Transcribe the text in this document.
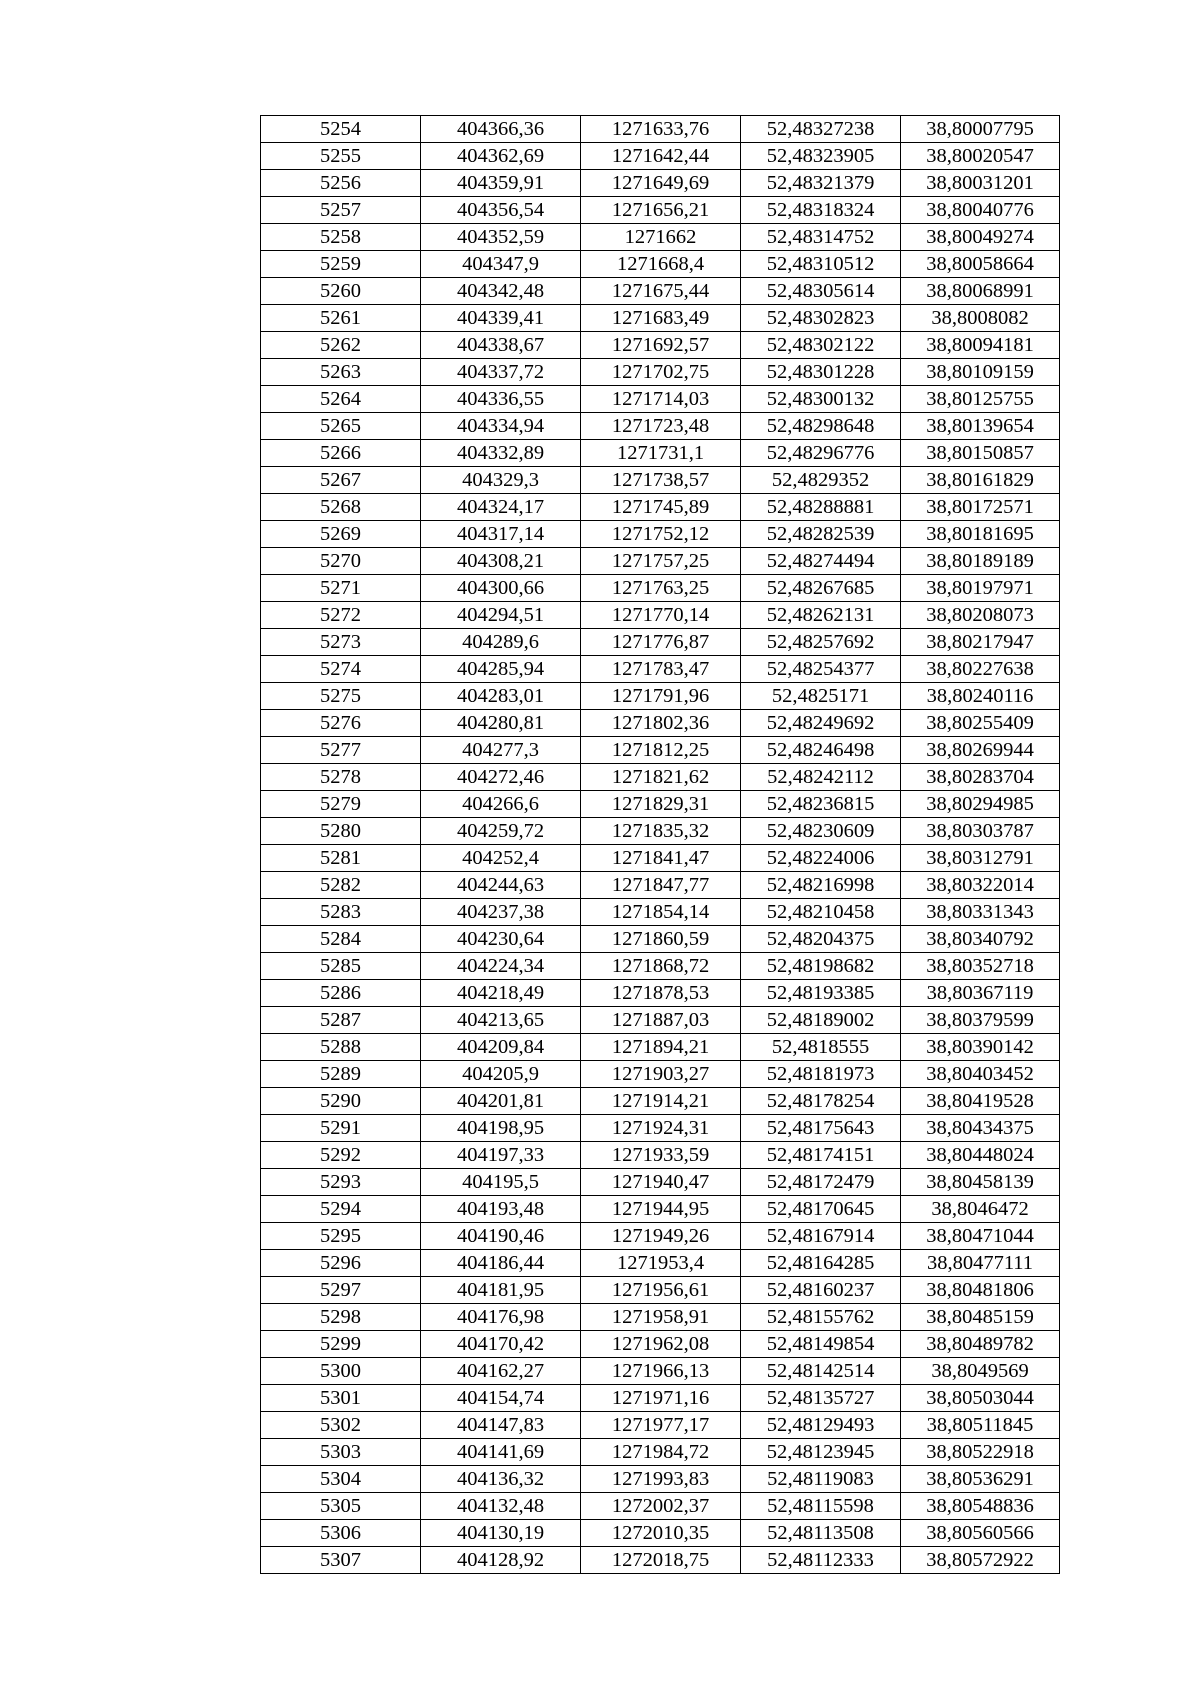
5254	404366,36	1271633,76	52,48327238	38,80007795
5255	404362,69	1271642,44	52,48323905	38,80020547
5256	404359,91	1271649,69	52,48321379	38,80031201
5257	404356,54	1271656,21	52,48318324	38,80040776
5258	404352,59	1271662	52,48314752	38,80049274
5259	404347,9	1271668,4	52,48310512	38,80058664
5260	404342,48	1271675,44	52,48305614	38,80068991
5261	404339,41	1271683,49	52,48302823	38,8008082
5262	404338,67	1271692,57	52,48302122	38,80094181
5263	404337,72	1271702,75	52,48301228	38,80109159
5264	404336,55	1271714,03	52,48300132	38,80125755
5265	404334,94	1271723,48	52,48298648	38,80139654
5266	404332,89	1271731,1	52,48296776	38,80150857
5267	404329,3	1271738,57	52,4829352	38,80161829
5268	404324,17	1271745,89	52,48288881	38,80172571
5269	404317,14	1271752,12	52,48282539	38,80181695
5270	404308,21	1271757,25	52,48274494	38,80189189
5271	404300,66	1271763,25	52,48267685	38,80197971
5272	404294,51	1271770,14	52,48262131	38,80208073
5273	404289,6	1271776,87	52,48257692	38,80217947
5274	404285,94	1271783,47	52,48254377	38,80227638
5275	404283,01	1271791,96	52,4825171	38,80240116
5276	404280,81	1271802,36	52,48249692	38,80255409
5277	404277,3	1271812,25	52,48246498	38,80269944
5278	404272,46	1271821,62	52,48242112	38,80283704
5279	404266,6	1271829,31	52,48236815	38,80294985
5280	404259,72	1271835,32	52,48230609	38,80303787
5281	404252,4	1271841,47	52,48224006	38,80312791
5282	404244,63	1271847,77	52,48216998	38,80322014
5283	404237,38	1271854,14	52,48210458	38,80331343
5284	404230,64	1271860,59	52,48204375	38,80340792
5285	404224,34	1271868,72	52,48198682	38,80352718
5286	404218,49	1271878,53	52,48193385	38,80367119
5287	404213,65	1271887,03	52,48189002	38,80379599
5288	404209,84	1271894,21	52,4818555	38,80390142
5289	404205,9	1271903,27	52,48181973	38,80403452
5290	404201,81	1271914,21	52,48178254	38,80419528
5291	404198,95	1271924,31	52,48175643	38,80434375
5292	404197,33	1271933,59	52,48174151	38,80448024
5293	404195,5	1271940,47	52,48172479	38,80458139
5294	404193,48	1271944,95	52,48170645	38,8046472
5295	404190,46	1271949,26	52,48167914	38,80471044
5296	404186,44	1271953,4	52,48164285	38,80477111
5297	404181,95	1271956,61	52,48160237	38,80481806
5298	404176,98	1271958,91	52,48155762	38,80485159
5299	404170,42	1271962,08	52,48149854	38,80489782
5300	404162,27	1271966,13	52,48142514	38,8049569
5301	404154,74	1271971,16	52,48135727	38,80503044
5302	404147,83	1271977,17	52,48129493	38,80511845
5303	404141,69	1271984,72	52,48123945	38,80522918
5304	404136,32	1271993,83	52,48119083	38,80536291
5305	404132,48	1272002,37	52,48115598	38,80548836
5306	404130,19	1272010,35	52,48113508	38,80560566
5307	404128,92	1272018,75	52,48112333	38,80572922
